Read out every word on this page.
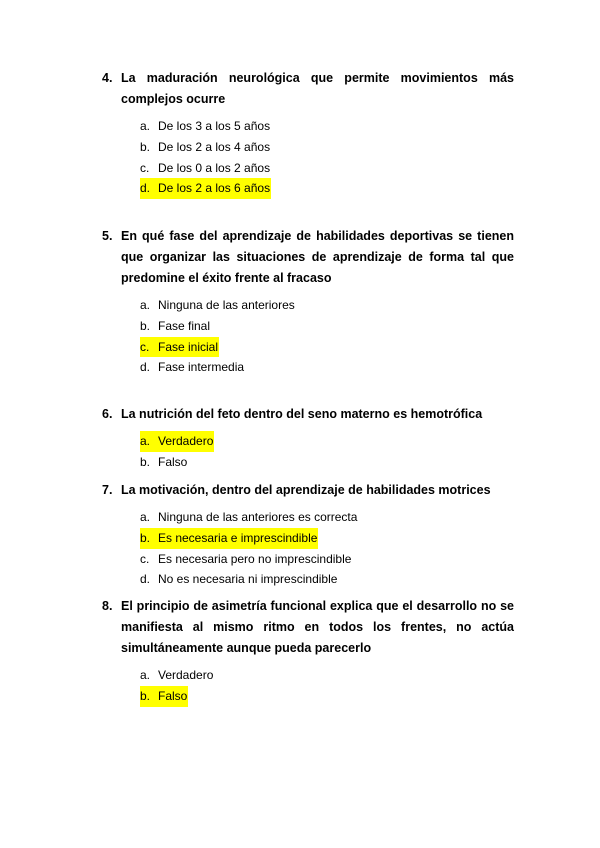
4. La maduración neurológica que permite movimientos más complejos ocurre
a. De los 3 a los 5 años
b. De los 2 a los 4 años
c. De los 0 a los 2 años
d. De los 2 a los 6 años
5. En qué fase del aprendizaje de habilidades deportivas se tienen que organizar las situaciones de aprendizaje de forma tal que predomine el éxito frente al fracaso
a. Ninguna de las anteriores
b. Fase final
c. Fase inicial
d. Fase intermedia
6. La nutrición del feto dentro del seno materno es hemotrófica
a. Verdadero
b. Falso
7. La motivación, dentro del aprendizaje de habilidades motrices
a. Ninguna de las anteriores es correcta
b. Es necesaria e imprescindible
c. Es necesaria pero no imprescindible
d. No es necesaria ni imprescindible
8. El principio de asimetría funcional explica que el desarrollo no se manifiesta al mismo ritmo en todos los frentes, no actúa simultáneamente aunque pueda parecerlo
a. Verdadero
b. Falso
